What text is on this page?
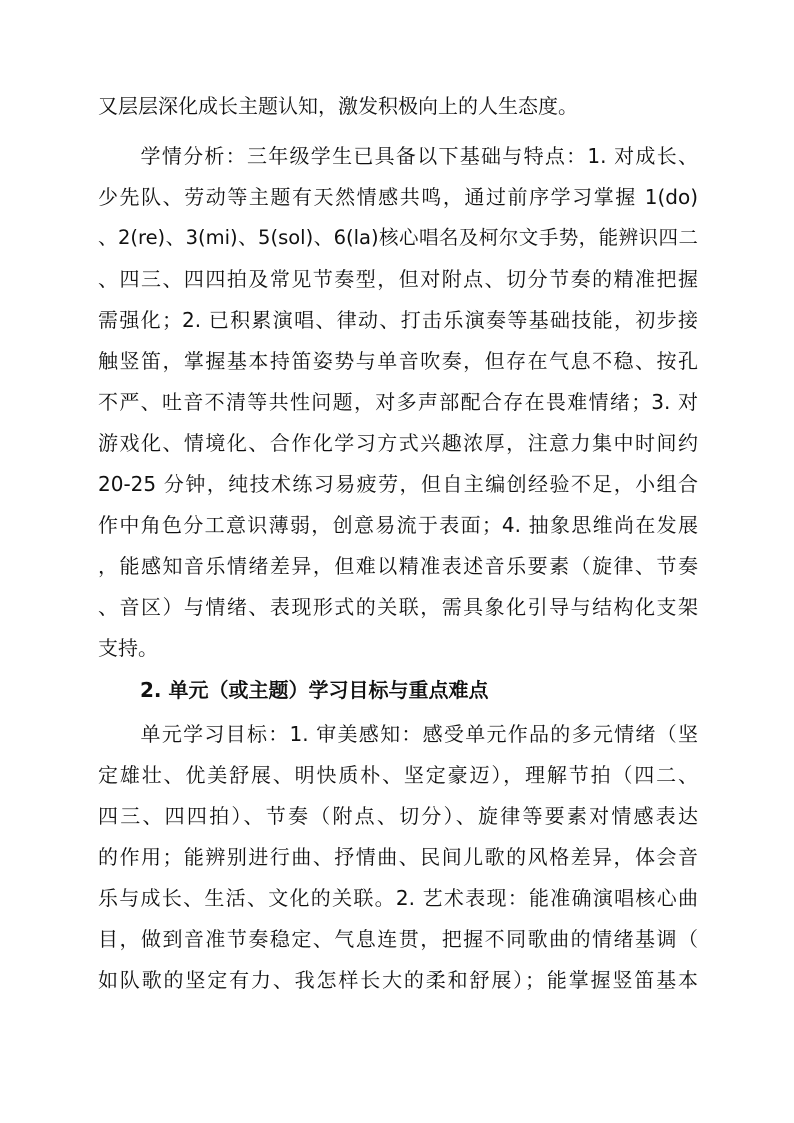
又层层深化成长主题认知，激发积极向上的人生态度。
　　学情分析：三年级学生已具备以下基础与特点：1. 对成长、
少先队、劳动等主题有天然情感共鸣，通过前序学习掌握 1(do)
、2(re)、3(mi)、5(sol)、6(la)核心唱名及柯尔文手势，能辨识四二
、四三、四四拍及常见节奏型，但对附点、切分节奏的精准把握
需强化；2. 已积累演唱、律动、打击乐演奏等基础技能，初步接
触竖笛，掌握基本持笛姿势与单音吹奏，但存在气息不稳、按孔
不严、吐音不清等共性问题，对多声部配合存在畏难情绪；3. 对
游戏化、情境化、合作化学习方式兴趣浓厚，注意力集中时间约
20-25 分钟，纯技术练习易疲劳，但自主编创经验不足，小组合
作中角色分工意识薄弱，创意易流于表面；4. 抽象思维尚在发展
，能感知音乐情绪差异，但难以精准表述音乐要素（旋律、节奏
、音区）与情绪、表现形式的关联，需具象化引导与结构化支架
支持。
2. 单元（或主题）学习目标与重点难点
　　单元学习目标：1. 审美感知：感受单元作品的多元情绪（坚
定雄壮、优美舒展、明快质朴、坚定豪迈），理解节拍（四二、
四三、四四拍）、节奏（附点、切分）、旋律等要素对情感表达
的作用；能辨别进行曲、抒情曲、民间儿歌的风格差异，体会音
乐与成长、生活、文化的关联。2. 艺术表现：能准确演唱核心曲
目，做到音准节奏稳定、气息连贯，把握不同歌曲的情绪基调（
如队歌的坚定有力、我怎样长大的柔和舒展）；能掌握竖笛基本
